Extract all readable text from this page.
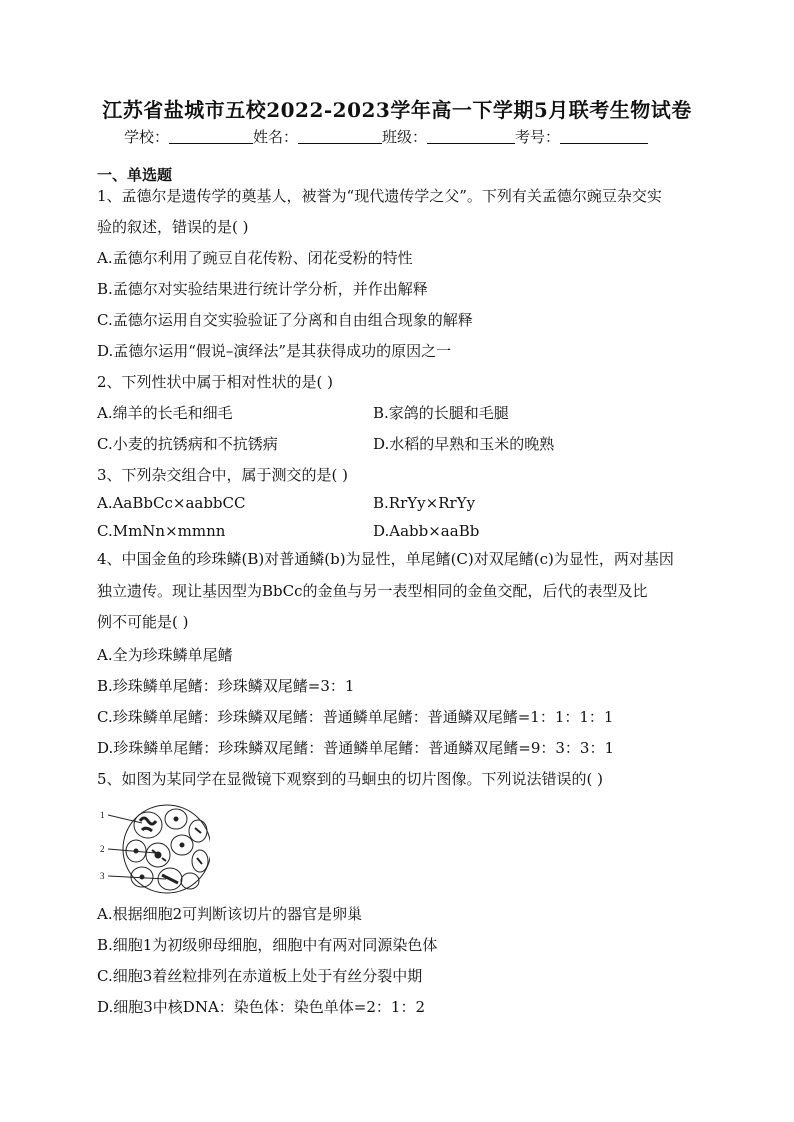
江苏省盐城市五校2022-2023学年高一下学期5月联考生物试卷
学校：	姓名：	班级：	考号：
一、单选题
1、孟德尔是遗传学的奠基人，被誉为“现代遗传学之父”。下列有关孟德尔豌豆杂交实
验的叙述，错误的是( )
A.孟德尔利用了豌豆自花传粉、闭花受粉的特性
B.孟德尔对实验结果进行统计学分析，并作出解释
C.孟德尔运用自交实验验证了分离和自由组合现象的解释
D.孟德尔运用“假说–演绎法”是其获得成功的原因之一
2、下列性状中属于相对性状的是( )
A.绵羊的长毛和细毛	B.家鸽的长腿和毛腿
C.小麦的抗锈病和不抗锈病	D.水稻的早熟和玉米的晚熟
3、下列杂交组合中，属于测交的是( )
A.AaBbCc×aabbCC	B.RrYy×RrYy
C.MmNn×mmnn	D.Aabb×aaBb
4、中国金鱼的珍珠鳞(B)对普通鳞(b)为显性，单尾鳍(C)对双尾鳍(c)为显性，两对基因
独立遗传。现让基因型为BbCc的金鱼与另一表型相同的金鱼交配，后代的表型及比
例不可能是( )
A.全为珍珠鳞单尾鳍
B.珍珠鳞单尾鳍：珍珠鳞双尾鳍=3：1
C.珍珠鳞单尾鳍：珍珠鳞双尾鳍：普通鳞单尾鳍：普通鳞双尾鳍=1：1：1：1
D.珍珠鳞单尾鳍：珍珠鳞双尾鳍：普通鳞单尾鳍：普通鳞双尾鳍=9：3：3：1
5、如图为某同学在显微镜下观察到的马蛔虫的切片图像。下列说法错误的( )
1
2
3
A.根据细胞2可判断该切片的器官是卵巢
B.细胞1为初级卵母细胞，细胞中有两对同源染色体
C.细胞3着丝粒排列在赤道板上处于有丝分裂中期
D.细胞3中核DNA：染色体：染色单体=2：1：2
